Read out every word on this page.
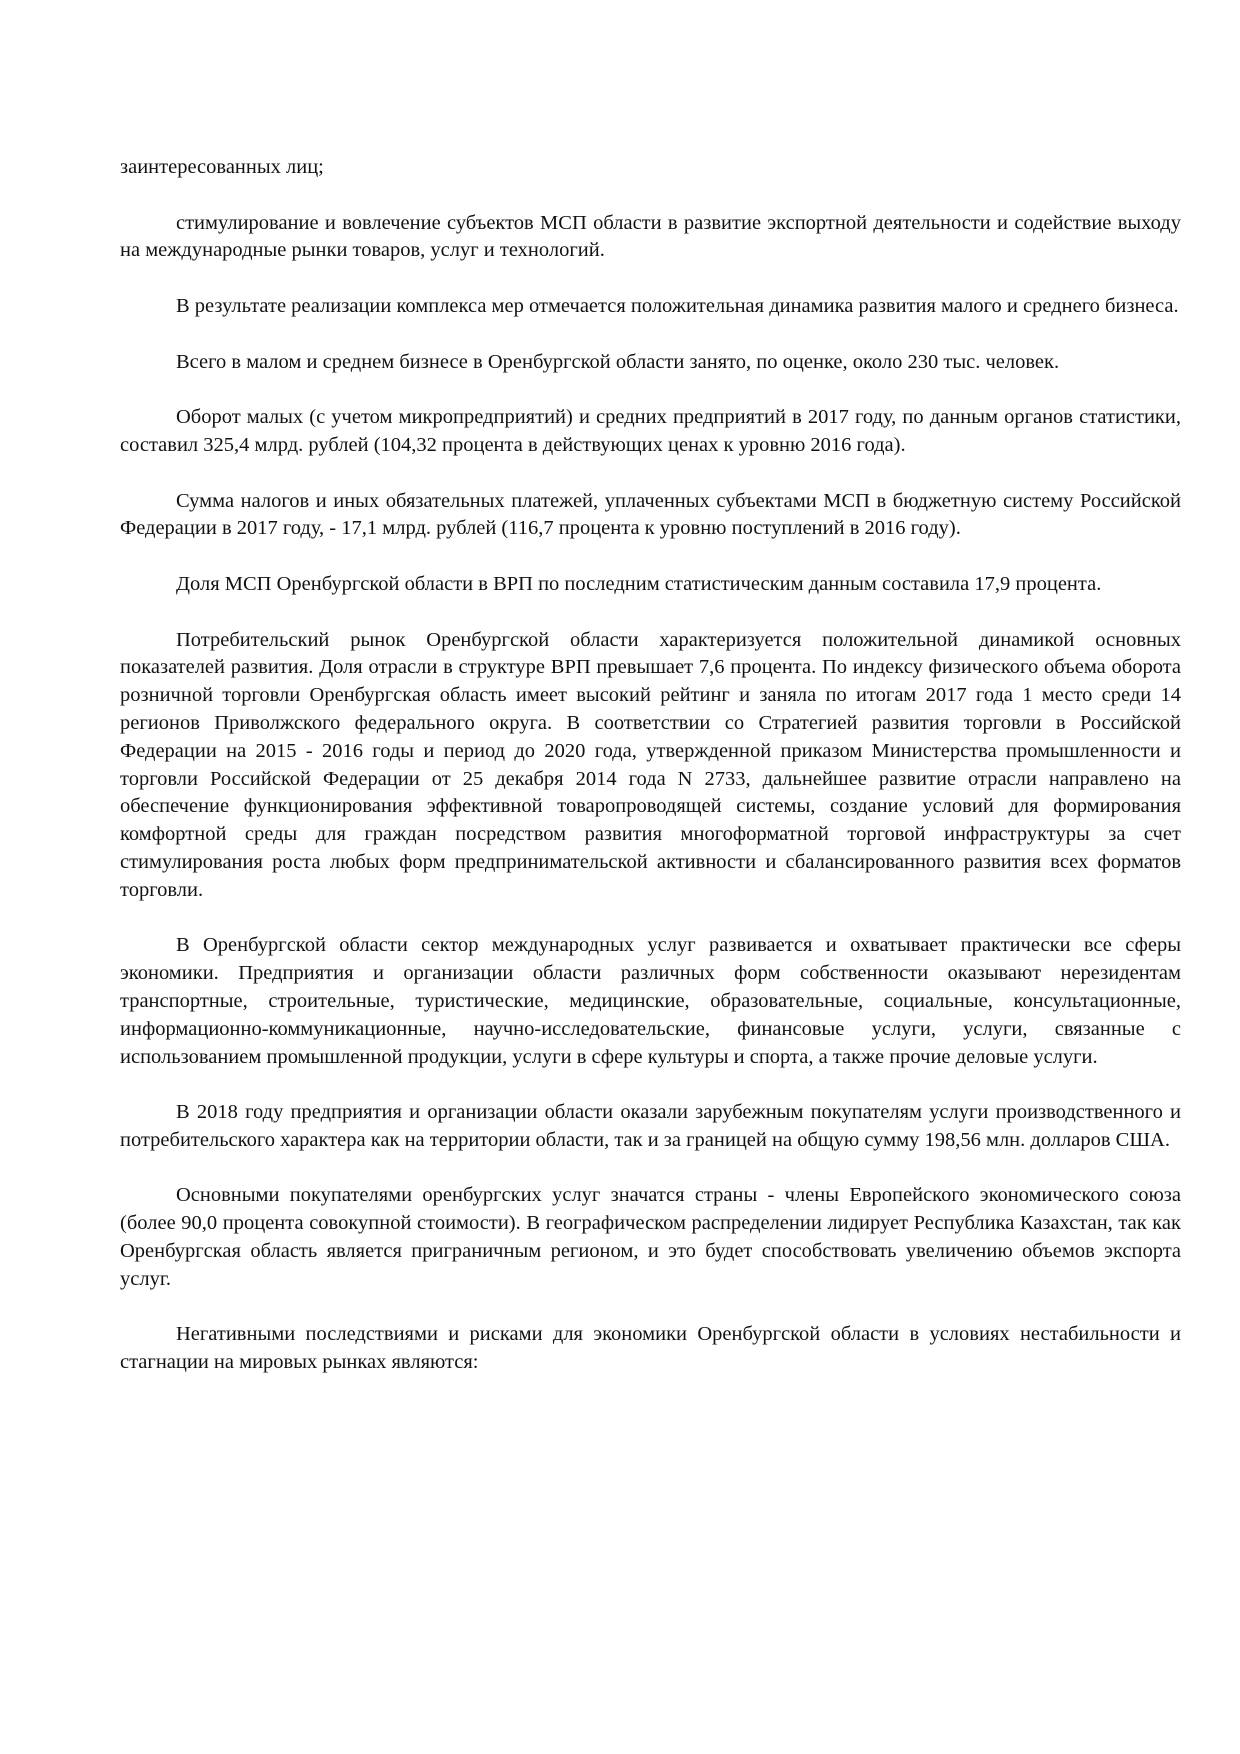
заинтересованных лиц;

стимулирование и вовлечение субъектов МСП области в развитие экспортной деятельности и содействие выходу на международные рынки товаров, услуг и технологий.

В результате реализации комплекса мер отмечается положительная динамика развития малого и среднего бизнеса.

Всего в малом и среднем бизнесе в Оренбургской области занято, по оценке, около 230 тыс. человек.

Оборот малых (с учетом микропредприятий) и средних предприятий в 2017 году, по данным органов статистики, составил 325,4 млрд. рублей (104,32 процента в действующих ценах к уровню 2016 года).

Сумма налогов и иных обязательных платежей, уплаченных субъектами МСП в бюджетную систему Российской Федерации в 2017 году, - 17,1 млрд. рублей (116,7 процента к уровню поступлений в 2016 году).

Доля МСП Оренбургской области в ВРП по последним статистическим данным составила 17,9 процента.

Потребительский рынок Оренбургской области характеризуется положительной динамикой основных показателей развития. Доля отрасли в структуре ВРП превышает 7,6 процента. По индексу физического объема оборота розничной торговли Оренбургская область имеет высокий рейтинг и заняла по итогам 2017 года 1 место среди 14 регионов Приволжского федерального округа. В соответствии со Стратегией развития торговли в Российской Федерации на 2015 - 2016 годы и период до 2020 года, утвержденной приказом Министерства промышленности и торговли Российской Федерации от 25 декабря 2014 года N 2733, дальнейшее развитие отрасли направлено на обеспечение функционирования эффективной товаропроводящей системы, создание условий для формирования комфортной среды для граждан посредством развития многоформатной торговой инфраструктуры за счет стимулирования роста любых форм предпринимательской активности и сбалансированного развития всех форматов торговли.

В Оренбургской области сектор международных услуг развивается и охватывает практически все сферы экономики. Предприятия и организации области различных форм собственности оказывают нерезидентам транспортные, строительные, туристические, медицинские, образовательные, социальные, консультационные, информационно-коммуникационные, научно-исследовательские, финансовые услуги, услуги, связанные с использованием промышленной продукции, услуги в сфере культуры и спорта, а также прочие деловые услуги.

В 2018 году предприятия и организации области оказали зарубежным покупателям услуги производственного и потребительского характера как на территории области, так и за границей на общую сумму 198,56 млн. долларов США.

Основными покупателями оренбургских услуг значатся страны - члены Европейского экономического союза (более 90,0 процента совокупной стоимости). В географическом распределении лидирует Республика Казахстан, так как Оренбургская область является приграничным регионом, и это будет способствовать увеличению объемов экспорта услуг.

Негативными последствиями и рисками для экономики Оренбургской области в условиях нестабильности и стагнации на мировых рынках являются:
